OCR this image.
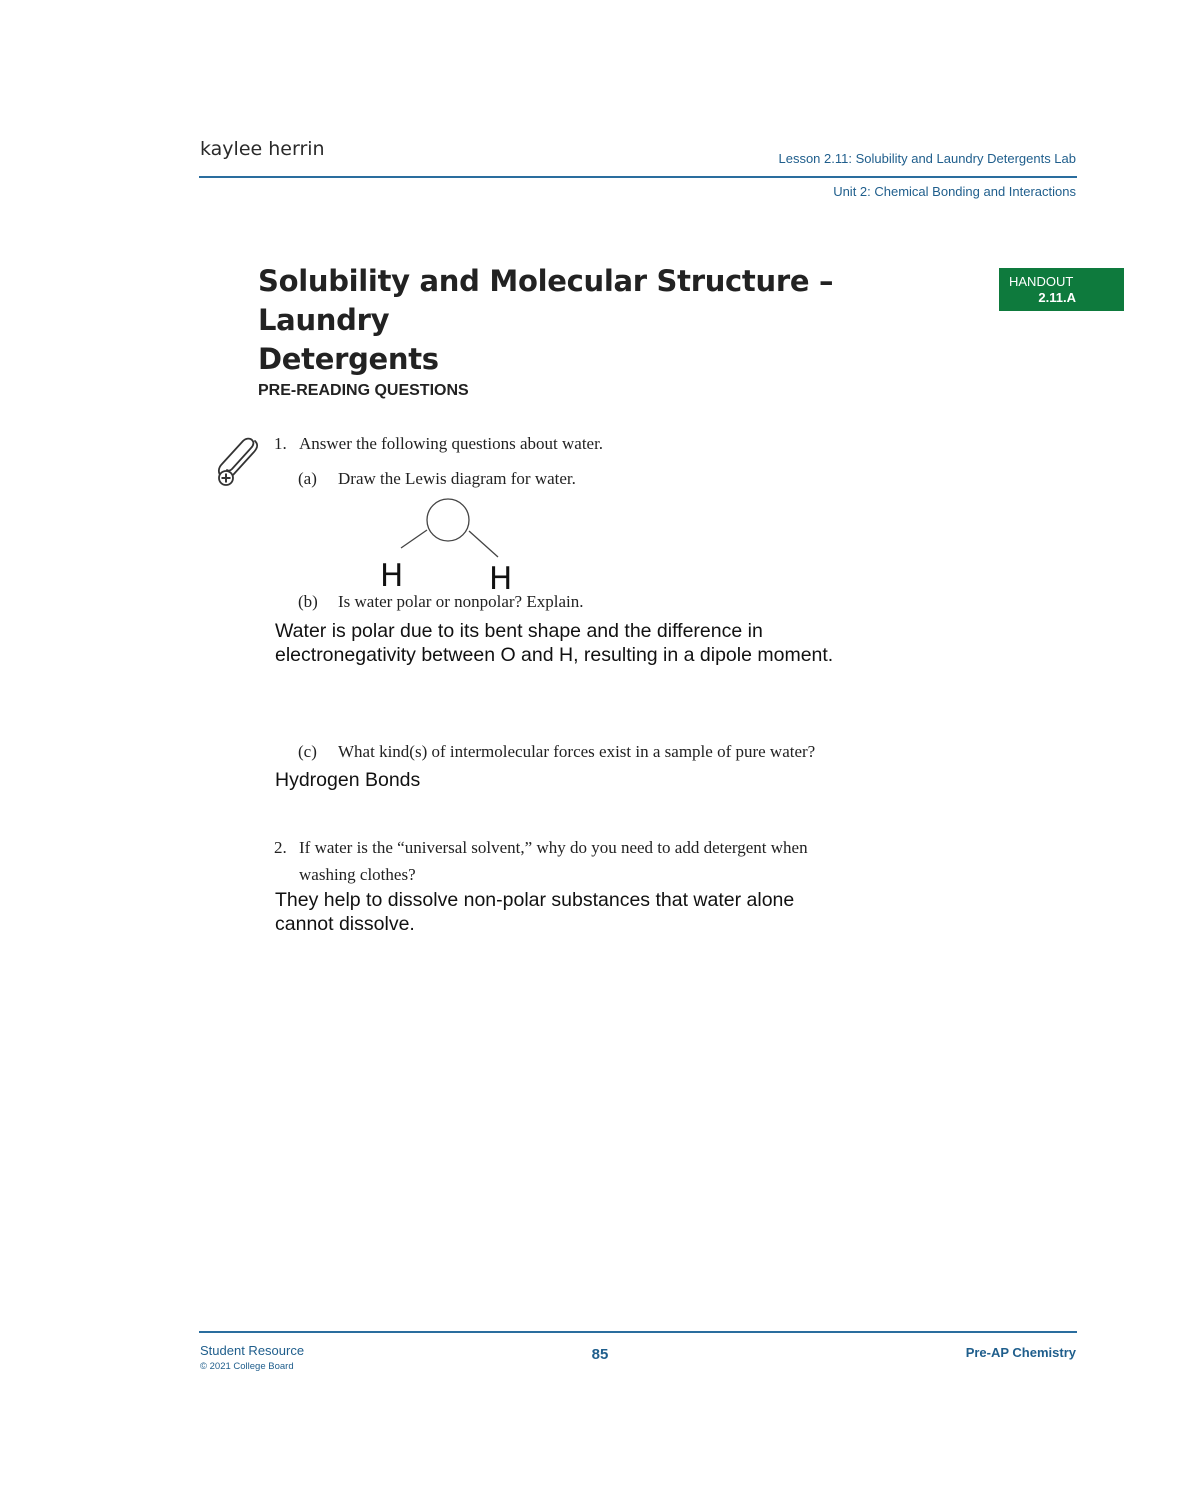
kaylee herrin	Lesson 2.11: Solubility and Laundry Detergents Lab
Unit 2: Chemical Bonding and Interactions
Solubility and Molecular Structure – Laundry
Detergents
HANDOUT
2.11.A
PRE-READING QUESTIONS
1. Answer the following questions about water.
(a) Draw the Lewis diagram for water.
H	H
(b) Is water polar or nonpolar? Explain.
Water is polar due to its bent shape and the difference in
electronegativity between O and H, resulting in a dipole moment.
(c) What kind(s) of intermolecular forces exist in a sample of pure water?
Hydrogen Bonds
2. If water is the “universal solvent,” why do you need to add detergent when
washing clothes?
They help to dissolve non-polar substances that water alone
cannot dissolve.
Student Resource
© 2021 College Board
85	Pre-AP Chemistry
